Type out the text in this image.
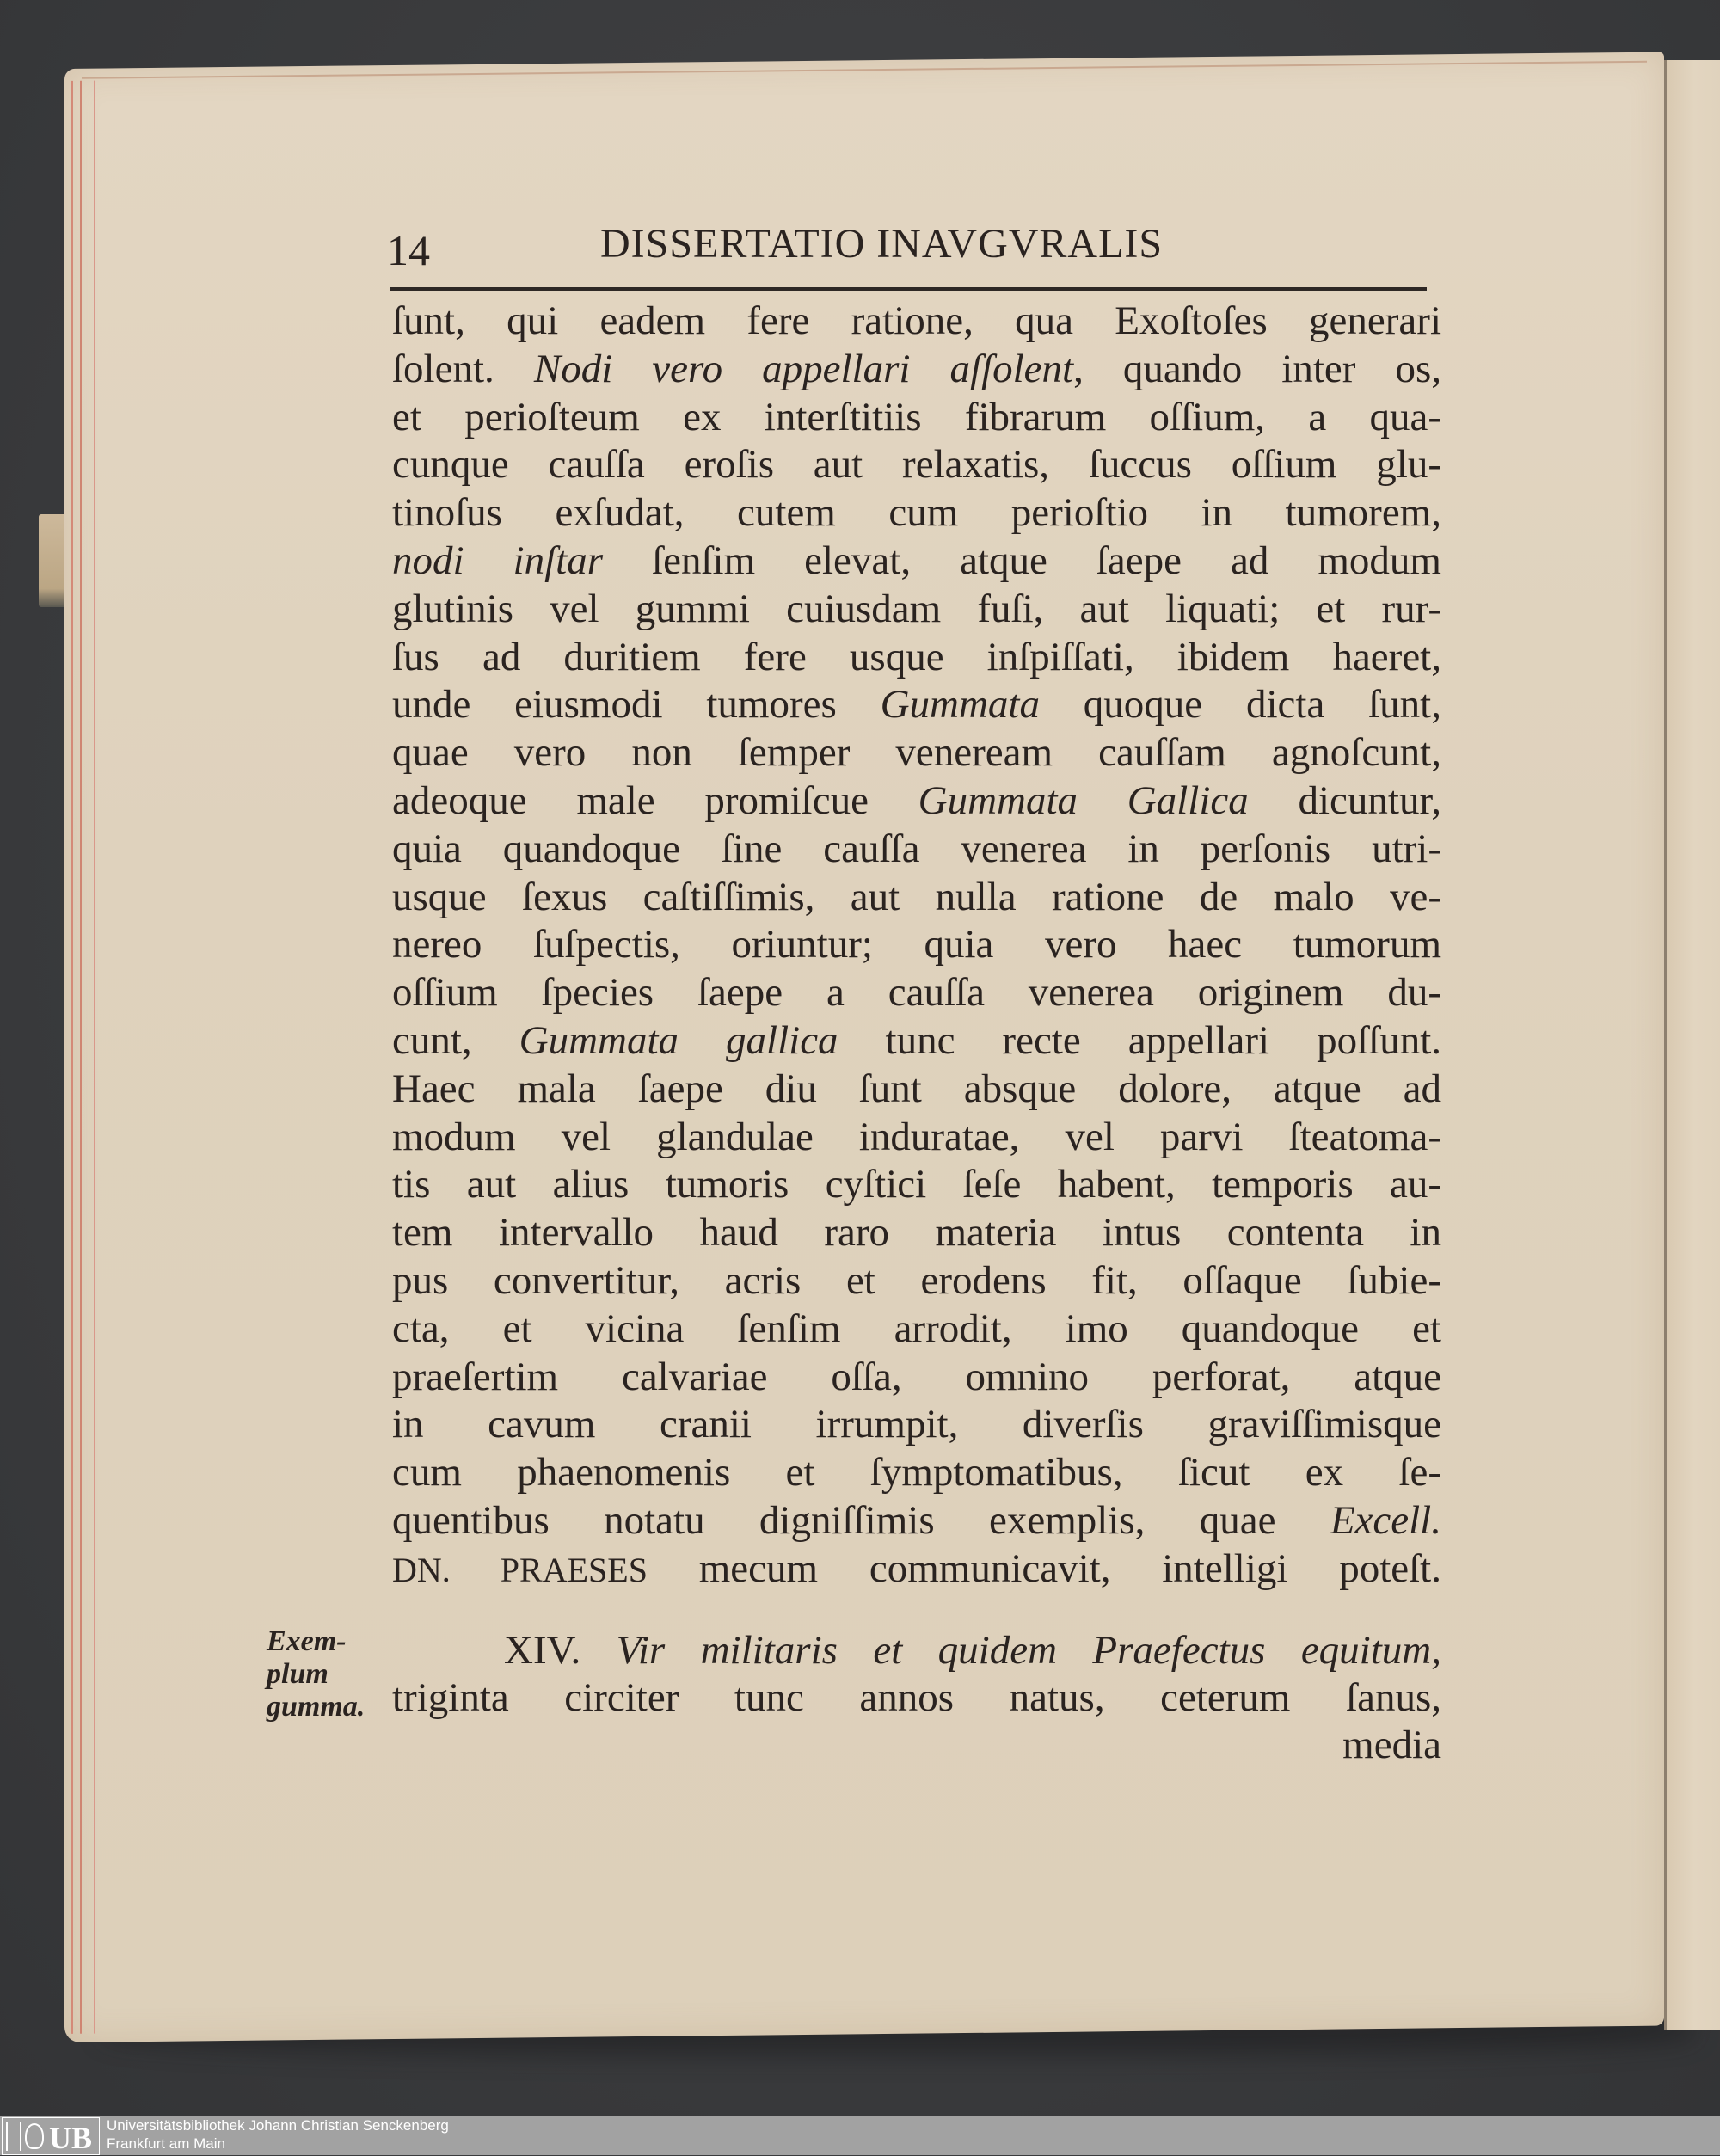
14	DISSERTATIO INAVGVRALIS
ſunt, qui eadem fere ratione, qua Exoſtoſes generari
ſolent. Nodi vero appellari aſſolent, quando inter os,
et perioſteum ex interſtitiis fibrarum oſſium, a qua-
cunque cauſſa eroſis aut relaxatis, ſuccus oſſium glu-
tinoſus exſudat, cutem cum perioſtio in tumorem,
nodi inſtar ſenſim elevat, atque ſaepe ad modum
glutinis vel gummi cuiusdam fuſi, aut liquati; et rur-
ſus ad duritiem fere usque inſpiſſati, ibidem haeret,
unde eiusmodi tumores Gummata quoque dicta ſunt,
quae vero non ſemper veneream cauſſam agnoſcunt,
adeoque male promiſcue Gummata Gallica dicuntur,
quia quandoque ſine cauſſa venerea in perſonis utri-
usque ſexus caſtiſſimis, aut nulla ratione de malo ve-
nereo ſuſpectis, oriuntur; quia vero haec tumorum
oſſium ſpecies ſaepe a cauſſa venerea originem du-
cunt, Gummata gallica tunc recte appellari poſſunt.
Haec mala ſaepe diu ſunt absque dolore, atque ad
modum vel glandulae induratae, vel parvi ſteatoma-
tis aut alius tumoris cyſtici ſeſe habent, temporis au-
tem intervallo haud raro materia intus contenta in
pus convertitur, acris et erodens fit, oſſaque ſubie-
cta, et vicina ſenſim arrodit, imo quandoque et
praeſertim calvariae oſſa, omnino perforat, atque
in cavum cranii irrumpit, diverſis graviſſimisque
cum phaenomenis et ſymptomatibus, ſicut ex ſe-
quentibus notatu digniſſimis exemplis, quae Excell.
DN. PRAESES mecum communicavit, intelligi poteſt.
XIV. Vir militaris et quidem Praefectus equitum,
triginta circiter tunc annos natus, ceterum ſanus,
media
Exem-
plum
gumma.
UB Universitätsbibliothek Johann Christian Senckenberg
Frankfurt am Main
